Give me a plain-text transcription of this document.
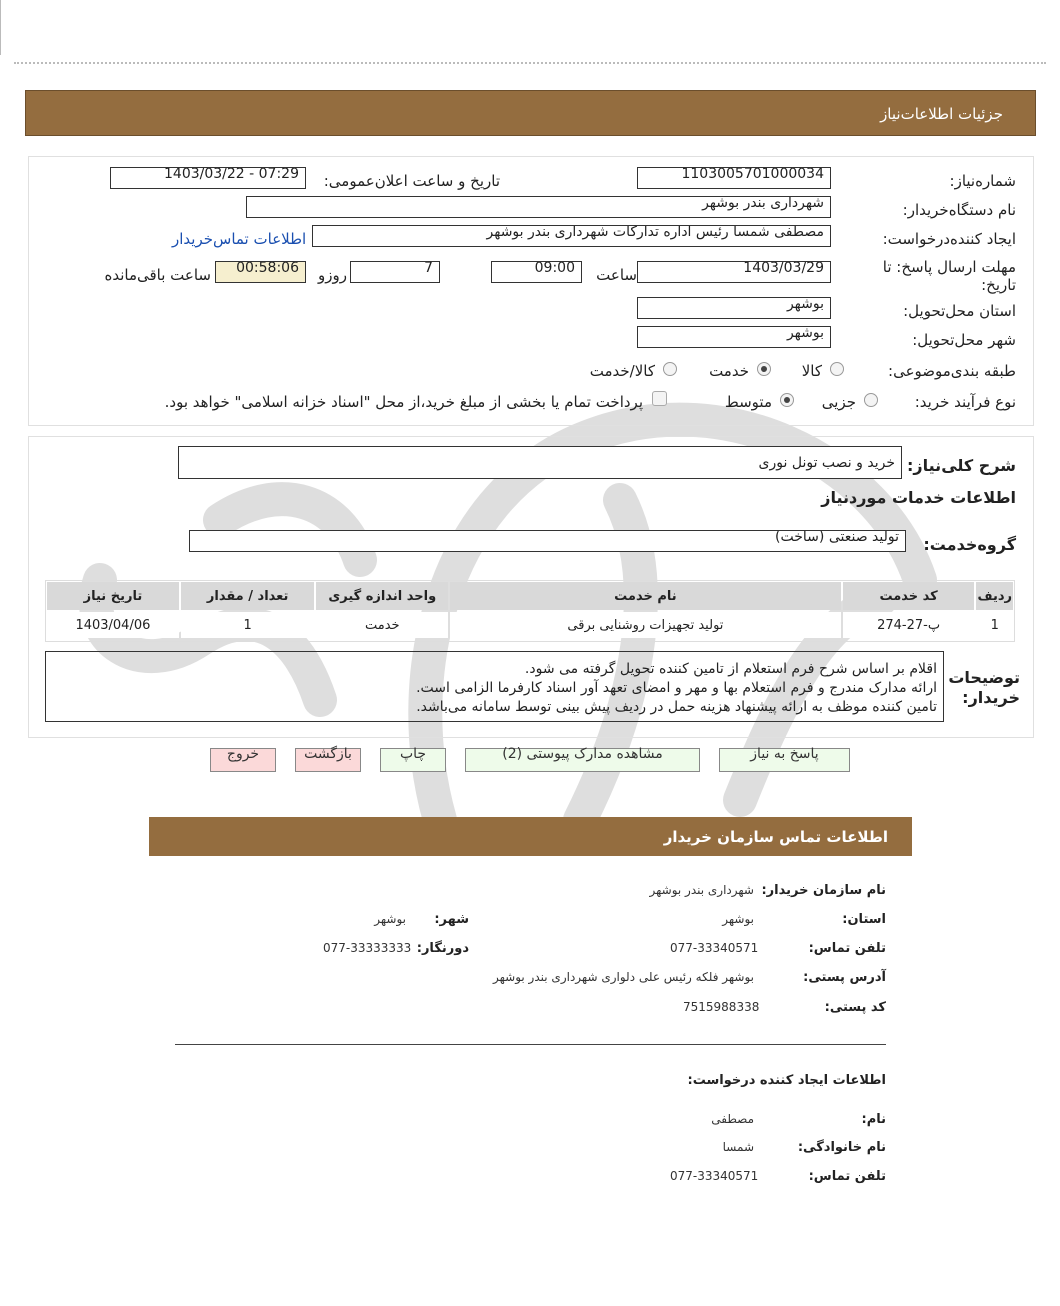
جزئيات اطلاعات‌نیاز
شماره‌نیاز:
1103005701000034
تاریخ و ساعت اعلان‌عمومی:
1403/03/22 - 07:29
نام دستگاه‌خریدار:
شهرداری بندر بوشهر
ایجاد کننده‌درخواست:
مصطفی شمسا رئیس اداره تدارکات شهرداری بندر بوشهر
اطلاعات تماس‌خریدار
مهلت ارسال پاسخ: تا تاریخ:
1403/03/29
ساعت
09:00
7
روزو
00:58:06
ساعت باقی‌مانده
استان محل‌تحویل:
بوشهر
شهر محل‌تحویل:
بوشهر
طبقه بندی‌موضوعی:
کالا
خدمت
کالا/خدمت
نوع فرآیند خرید:
جزیی
متوسط
پرداخت تمام یا بخشی از مبلغ خرید،از محل "اسناد خزانه اسلامی" خواهد بود.
شرح کلی‌نیاز:
خرید و نصب تونل نوری
اطلاعات خدمات موردنیاز
گروه‌خدمت:
تولید صنعتی (ساخت)
ردیف	کد خدمت	نام خدمت	واحد اندازه گیری	تعداد / مقدار	تاریخ نیاز
1	پ-27-274	تولید تجهیزات روشنایی برقی	خدمت	1	1403/04/06
توضیحات خریدار:
اقلام بر اساس شرح فرم استعلام از تامین کننده تحویل گرفته می شود.
ارائه مدارک مندرج و فرم استعلام بها و مهر و امضای تعهد آور اسناد کارفرما الزامی است.
تامین کننده موظف به ارائه پیشنهاد هزینه حمل در ردیف پیش بینی توسط سامانه می‌باشد.
پاسخ به نیاز
مشاهده مدارک پیوستی (2)
چاپ
بازگشت
خروج
اطلاعات تماس سازمان خریدار
نام سازمان خریدار:
شهرداری بندر بوشهر
استان:
بوشهر
شهر:
بوشهر
تلفن تماس:
077-33340571
دورنگار:
077-33333333
آدرس پستی:
بوشهر فلکه رئیس علی دلواری شهرداری بندر بوشهر
کد پستی:
7515988338
اطلاعات ایجاد کننده درخواست:
نام:
مصطفی
نام خانوادگی:
شمسا
تلفن تماس:
077-33340571
